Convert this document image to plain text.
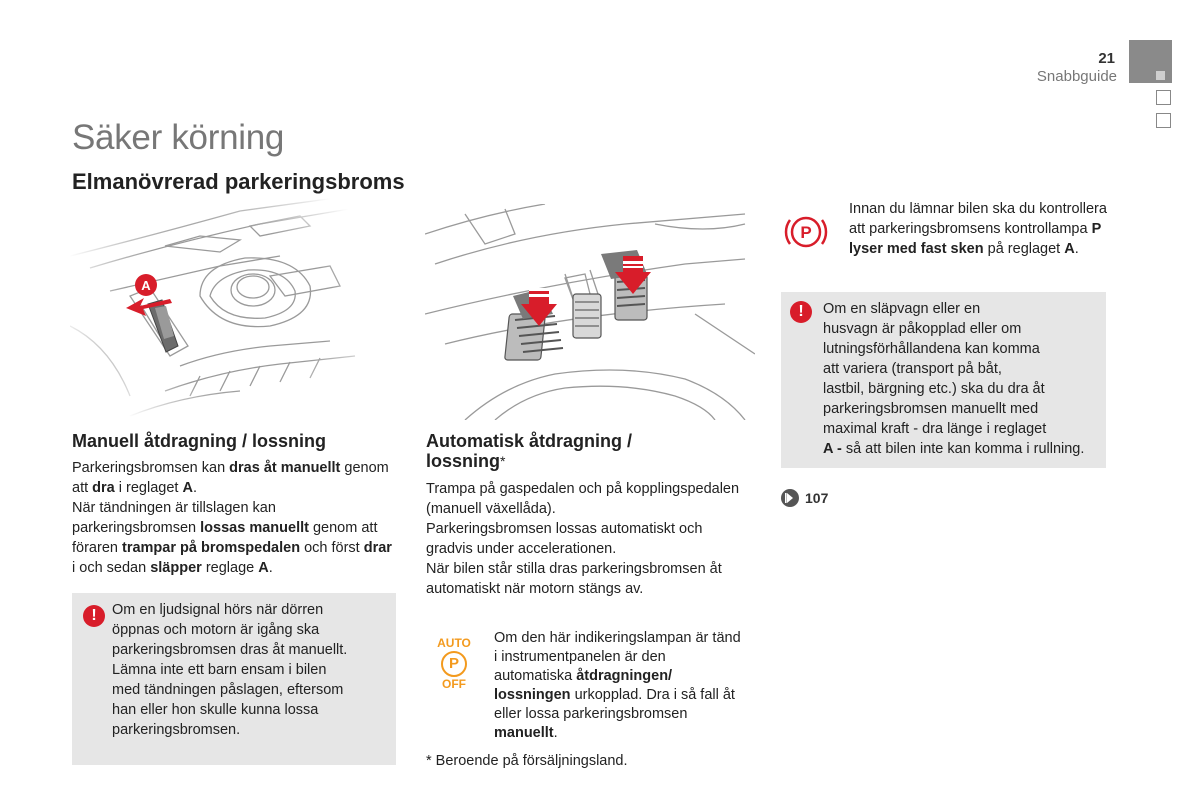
21
Snabbguide
Säker körning
Elmanövrerad parkeringsbroms
Manuell åtdragning / lossning

Parkeringsbromsen kan dras åt manuellt genom att dra i reglaget A.
När tändningen är tillslagen kan parkeringsbromsen lossas manuellt genom att föraren trampar på bromspedalen och först drar i och sedan släpper reglage A.

!	Om en ljudsignal hörs när dörren
öppnas och motorn är igång ska
parkeringsbromsen dras åt manuellt.
Lämna inte ett barn ensam i bilen
med tändningen påslagen, eftersom
han eller hon skulle kunna lossa
parkeringsbromsen.
Automatisk åtdragning /
lossning*

Trampa på gaspedalen och på kopplingspedalen (manuell växellåda).
Parkeringsbromsen lossas automatiskt och gradvis under accelerationen.
När bilen står stilla dras parkeringsbromsen åt automatiskt när motorn stängs av.

AUTO
P
OFF

Om den här indikeringslampan är tänd i instrumentpanelen är den automatiska åtdragningen/ lossningen urkopplad. Dra i så fall åt eller lossa parkeringsbromsen manuellt.

* Beroende på försäljningsland.
P

Innan du lämnar bilen ska du kontrollera att parkeringsbromsens kontrollampa P lyser med fast sken på reglaget A.

!	Om en släpvagn eller en
husvagn är påkopplad eller om
lutningsförhållandena kan komma
att variera (transport på båt,
lastbil, bärgning etc.) ska du dra åt
parkeringsbromsen manuellt med
maximal kraft - dra länge i reglaget
A - så att bilen inte kan komma i rullning.
107
